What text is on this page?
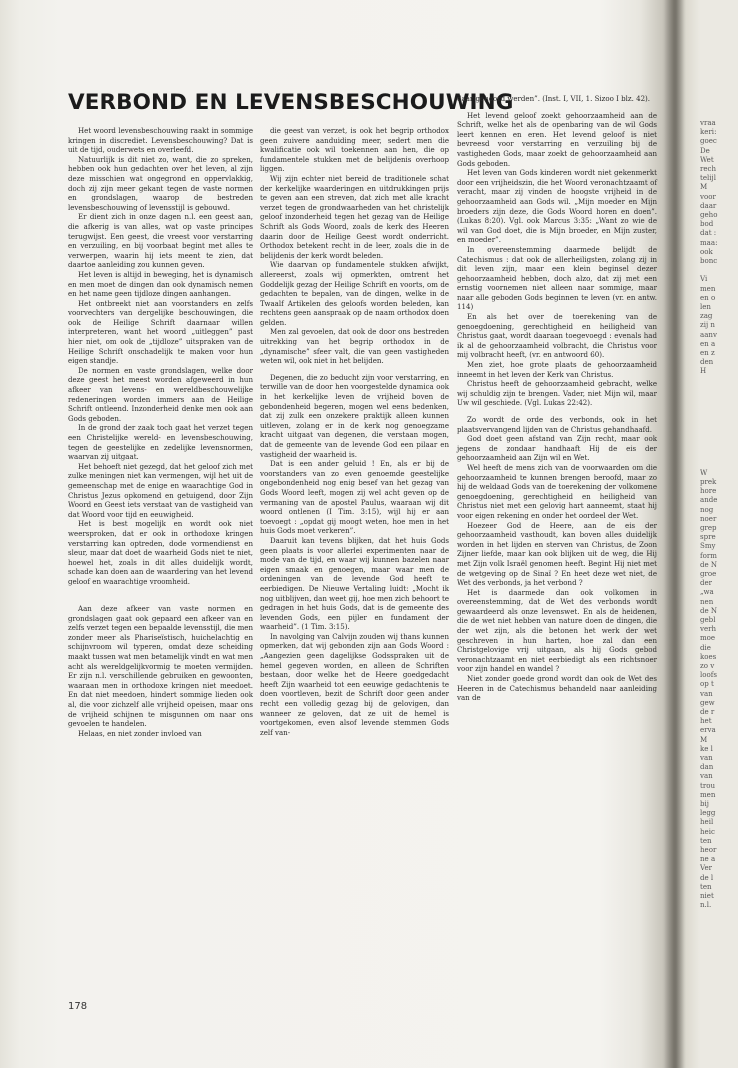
VERBOND EN LEVENSBESCHOUWING

Het woord levensbeschouwing raakt in sommige kringen in discrediet. Levensbeschouwing? Dat is uit de tijd, ouderwets en overleefd.

Natuurlijk is dit niet zo, want, die zo spreken, hebben ook hun gedachten over het leven, al zijn deze misschien wat ongegrond en oppervlakkig, doch zij zijn meer gekant tegen de vaste normen en grondslagen, waarop de bestreden levensbeschouwing of levensstijl is gebouwd.

Er dient zich in onze dagen n.l. een geest aan, die afkerig is van alles, wat op vaste principes terugwijst. Een geest, die vreest voor verstarring en verzuiling, en bij voorbaat begint met alles te verwerpen, waarin hij iets meent te zien, dat daartoe aanleiding zou kunnen geven.

Het leven is altijd in beweging, het is dynamisch en men moet de dingen dan ook dynamisch nemen en het name geen tijdloze dingen aanhangen.

Het ontbreekt niet aan voorstanders en zelfs voorvechters van dergelijke beschouwingen, die ook de Heilige Schrift daarnaar willen interpreteren, want het woord „uitleggen” past hier niet, om ook de „tijdloze” uitspraken van de Heilige Schrift onschadelijk te maken voor hun eigen standje.

De normen en vaste grondslagen, welke door deze geest het meest worden afgeweerd in hun afkeer van levens- en wereldbeschouwelijke redeneringen worden immers aan de Heilige Schrift ontleend. Inzonderheid denke men ook aan Gods geboden.

In de grond der zaak toch gaat het verzet tegen een Christelijke wereld- en levensbeschouwing, tegen de geestelijke en zedelijke levensnormen, waarvan zij uitgaat.

Het behoeft niet gezegd, dat het geloof zich met zulke meningen niet kan vermengen, wijl het uit de gemeenschap met de enige en waarachtige God in Christus Jezus opkomend en getuigend, door Zijn Woord en Geest iets verstaat van de vastigheid van dat Woord voor tijd en eeuwigheid.

Het is best mogelijk en wordt ook niet weersproken, dat er ook in orthodoxe kringen verstarring kan optreden, dode vormendienst en sleur, maar dat doet de waarheid Gods niet te niet, hoewel het, zoals in dit alles duidelijk wordt, schade kan doen aan de waardering van het levend geloof en waarachtige vroomheid.

Aan deze afkeer van vaste normen en grondslagen gaat ook gepaard een afkeer van en zelfs verzet tegen een bepaalde levensstijl, die men zonder meer als Phariseïstisch, huichelachtig en schijnvroom wil typeren, omdat deze scheiding maakt tussen wat men betamelijk vindt en wat men acht als wereldgelijkvormig te moeten vermijden. Er zijn n.l. verschillende gebruiken en gewoonten, waaraan men in orthodoxe kringen niet meedoet. En dat niet meedoen, hindert sommige lieden ook al, die voor zichzelf alle vrijheid opeisen, maar ons de vrijheid schijnen te misgunnen om naar ons gevoelen te handelen.

Helaas, en niet zonder invloed van

die geest van verzet, is ook het begrip orthodox geen zuivere aanduiding meer, sedert men die kwalificatie ook wil toekennen aan hen, die op fundamentele stukken met de belijdenis overhoop liggen.

Wij zijn echter niet bereid de traditionele schat der kerkelijke waarderingen en uitdrukkingen prijs te geven aan een streven, dat zich met alle kracht verzet tegen de grondwaarheden van het christelijk geloof inzonderheid tegen het gezag van de Heilige Schrift als Gods Woord, zoals de kerk des Heeren daarin door de Heilige Geest wordt onderricht. Orthodox betekent recht in de leer, zoals die in de belijdenis der kerk wordt beleden.

Wie daarvan op fundamentele stukken afwijkt, allereerst, zoals wij opmerkten, omtrent het Goddelijk gezag der Heilige Schrift en voorts, om de gedachten te bepalen, van de dingen, welke in de Twaalf Artikelen des geloofs worden beleden, kan rechtens geen aanspraak op de naam orthodox doen gelden.

Men zal gevoelen, dat ook de door ons bestreden uitrekking van het begrip orthodox in de „dynamische” sfeer valt, die van geen vastigheden weten wil, ook niet in het belijden.

Degenen, die zo beducht zijn voor verstarring, en terwille van de door hen voorgestelde dynamica ook in het kerkelijke leven de vrijheid boven de gebondenheid begeren, mogen wel eens bedenken, dat zij zulk een onzekere praktijk alleen kunnen uitleven, zolang er in de kerk nog genoegzame kracht uitgaat van degenen, die verstaan mogen, dat de gemeente van de levende God een pilaar en vastigheid der waarheid is.

Dat is een ander geluid ! En, als er bij de voorstanders van zo even genoemde geestelijke ongebondenheid nog enig besef van het gezag van Gods Woord leeft, mogen zij wel acht geven op de vermaning van de apostel Paulus, waaraan wij dit woord ontlenen (I Tim. 3:15), wijl hij er aan toevoegt : „opdat gij moogt weten, hoe men in het huis Gods moet verkeren”.

Daaruit kan tevens blijken, dat het huis Gods geen plaats is voor allerlei experimenten naar de mode van de tijd, en waar wij kunnen bazelen naar eigen smaak en genoegen, maar waar men de ordeningen van de levende God heeft te eerbiedigen. De Nieuwe Vertaling luidt: „Mocht ik nog uitblijven, dan weet gij, hoe men zich behoort te gedragen in het huis Gods, dat is de gemeente des levenden Gods, een pijler en fundament der waarheid”. (1 Tim. 3:15).

In navolging van Calvijn zouden wij thans kunnen opmerken, dat wij gebonden zijn aan Gods Woord : „Aangezien geen dagelijkse Godsspraken uit de hemel gegeven worden, en alleen de Schriften bestaan, door welke het de Heere goedgedacht heeft Zijn waarheid tot een eeuwige gedachtenis te doen voortleven, bezit de Schrift door geen ander recht een volledig gezag bij de gelovigen, dan wanneer ze geloven, dat ze uit de hemel is voortgekomen, even alsof levende stemmen Gods zelf van-

daar gehoord werden”. (Inst. I, VII, 1. Sizoo I blz. 42).

Het levend geloof zoekt gehoorzaamheid aan de Schrift, welke het als de openbaring van de wil Gods leert kennen en eren. Het levend geloof is niet bevreesd voor verstarring en verzuiling bij de vastigheden Gods, maar zoekt de gehoorzaamheid aan Gods geboden.

Het leven van Gods kinderen wordt niet gekenmerkt door een vrijheidszin, die het Woord veronachtzaamt of veracht, maar zij vinden de hoogste vrijheid in de gehoorzaamheid aan Gods wil. „Mijn moeder en Mijn broeders zijn deze, die Gods Woord horen en doen”. (Lukas 8:20). Vgl. ook Marcus 3:35: „Want zo wie de wil van God doet, die is Mijn broeder, en Mijn zuster, en moeder”.

In overeenstemming daarmede belijdt de Catechismus : dat ook de allerheiligsten, zolang zij in dit leven zijn, maar een klein beginsel dezer gehoorzaamheid hebben, doch alzo, dat zij met een ernstig voornemen niet alleen naar sommige, maar naar alle geboden Gods beginnen te leven (vr. en antw. 114)

En als het over de toerekening van de genoegdoening, gerechtigheid en heiligheid van Christus gaat, wordt daaraan toegevoegd : evenals had ik al de gehoorzaamheid volbracht, die Christus voor mij volbracht heeft, (vr. en antwoord 60).

Men ziet, hoe grote plaats de gehoorzaamheid inneemt in het leven der Kerk van Christus.

Christus heeft de gehoorzaamheid gebracht, welke wij schuldig zijn te brengen. Vader, niet Mijn wil, maar Uw wil geschiede. (Vgl. Lukas 22:42).

Zo wordt de orde des verbonds, ook in het plaatsvervangend lijden van de Christus gehandhaafd.

God doet geen afstand van Zijn recht, maar ook jegens de zondaar handhaaft Hij de eis der gehoorzaamheid aan Zijn wil en Wet.

Wel heeft de mens zich van de voorwaarden om die gehoorzaamheid te kunnen brengen beroofd, maar zo hij de weldaad Gods van de toerekening der volkomene genoegdoening, gerechtigheid en heiligheid van Christus niet met een gelovig hart aanneemt, staat hij voor eigen rekening en onder het oordeel der Wet.

Hoezeer God de Heere, aan de eis der gehoorzaamheid vasthoudt, kan boven alles duidelijk worden in het lijden en sterven van Christus, de Zoon Zijner liefde, maar kan ook blijken uit de weg, die Hij met Zijn volk Israël genomen heeft. Begint Hij niet met de wetgeving op de Sinaï ? En heet deze wet niet, de Wet des verbonds, ja het verbond ?

Het is daarmede dan ook volkomen in overeenstemming, dat de Wet des verbonds wordt gewaardeerd als onze levenswet. En als de heidenen, die de wet niet hebben van nature doen de dingen, die der wet zijn, als die betonen het werk der wet geschreven in hun harten, hoe zal dan een Christgelovige vrij uitgaan, als hij Gods gebod veronachtzaamt en niet eerbiedigt als een richtsnoer voor zijn handel en wandel ?

Niet zonder goede grond wordt dan ook de Wet des Heeren in de Catechismus behandeld naar aanleiding van de

178
vraa
keri:
goec
De
Wet
rech
telijl
M
voor
daar
geho
bod
dat :
maa:
ook
bonc

Vi
men
en o
len
zag
zij n
aanv
en a
en z
den
H
W
prek
hore
ande
nog
noer
grep
spre
Smy
form
de N
groe
der
„wa
nen
de N
gebl
verh
moe
die
koes
zo v
loofs
op t
van
gew
de r
het
erva
M
ke l
van
dan
van
trou
men
bij
legg
heil
heic
ten
heor
ne a
Ver
de l
ten
niet
n.l.
